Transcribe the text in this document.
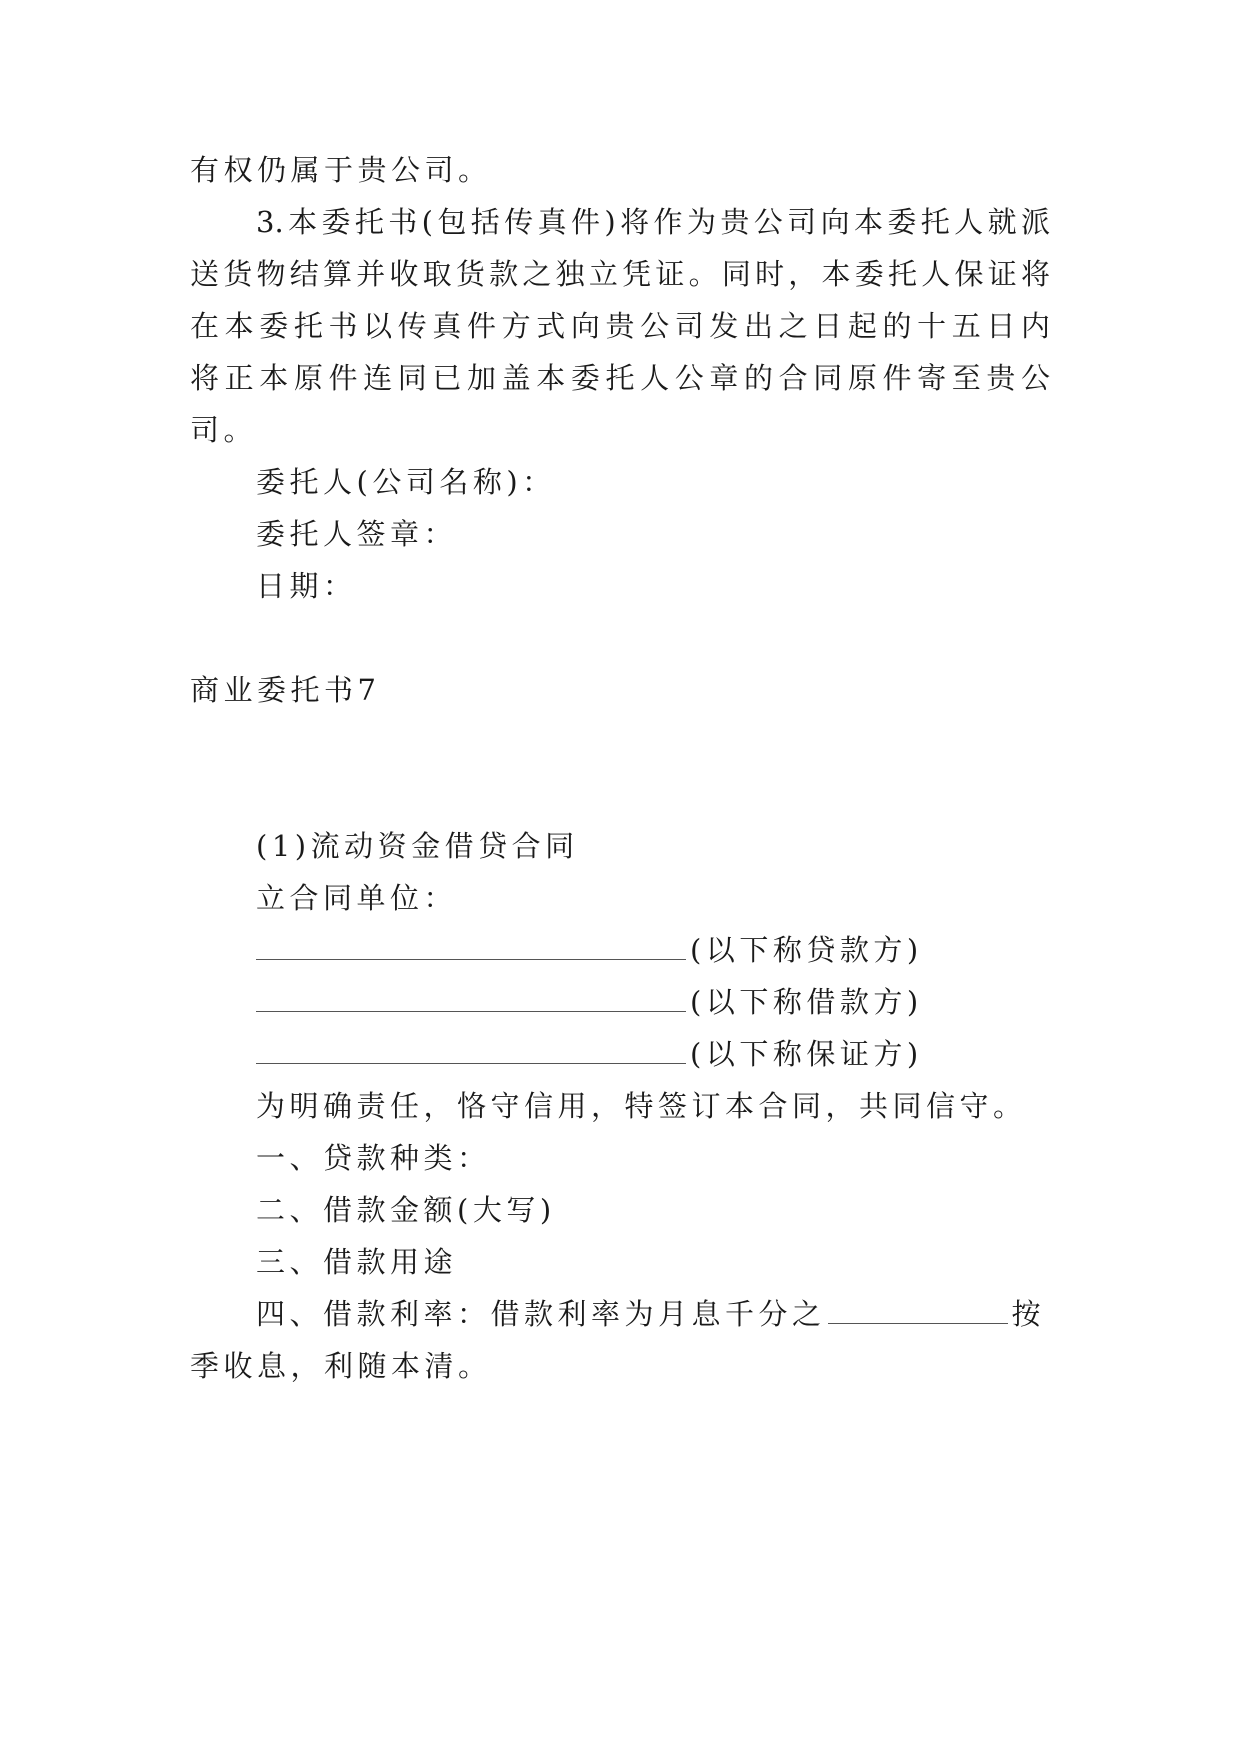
有权仍属于贵公司。
3.本委托书(包括传真件)将作为贵公司向本委托人就派
送货物结算并收取货款之独立凭证。同时，本委托人保证将
在本委托书以传真件方式向贵公司发出之日起的十五日内
将正本原件连同已加盖本委托人公章的合同原件寄至贵公
司。
委托人(公司名称)：
委托人签章：
日期：
商业委托书7
(1)流动资金借贷合同
立合同单位：
(以下称贷款方)
(以下称借款方)
(以下称保证方)
为明确责任，恪守信用，特签订本合同，共同信守。
一、贷款种类：
二、借款金额(大写)
三、借款用途
四、借款利率：借款利率为月息千分之	按
季收息，利随本清。
